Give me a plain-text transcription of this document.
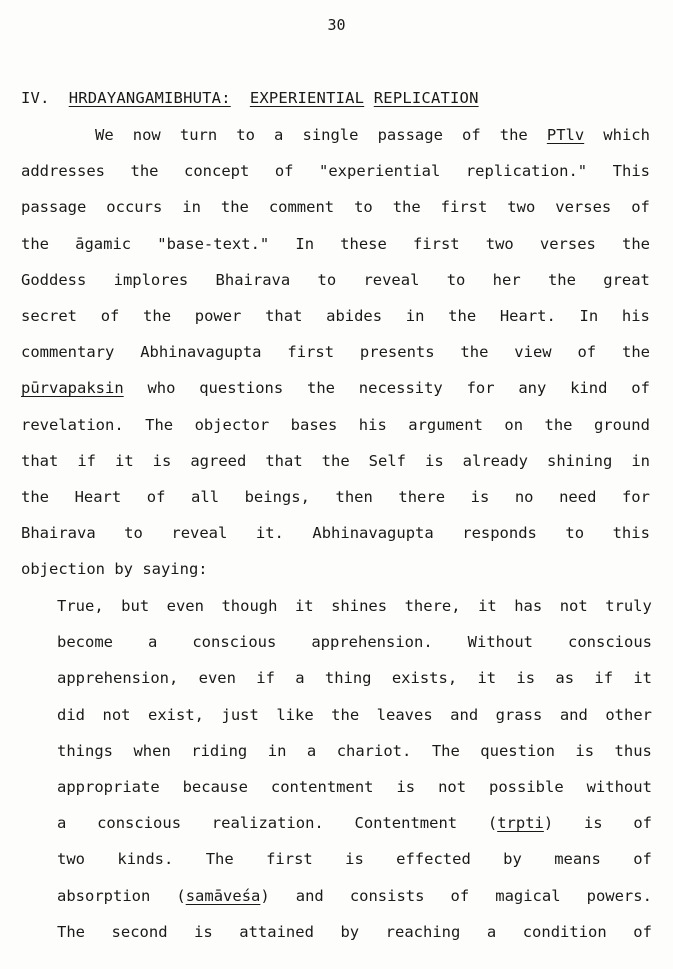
30
IV. HRDAYANGAMIBHUTA: EXPERIENTIAL REPLICATION
We now turn to a single passage of the PTlv which
addresses the concept of "experiential replication." This
passage occurs in the comment to the first two verses of
the āgamic "base-text." In these first two verses the
Goddess implores Bhairava to reveal to her the great
secret of the power that abides in the Heart. In his
commentary Abhinavagupta first presents the view of the
pūrvapaksin who questions the necessity for any kind of
revelation. The objector bases his argument on the ground
that if it is agreed that the Self is already shining in
the Heart of all beings, then there is no need for
Bhairava to reveal it. Abhinavagupta responds to this
objection by saying:
True, but even though it shines there, it has not truly
become a conscious apprehension. Without conscious
apprehension, even if a thing exists, it is as if it
did not exist, just like the leaves and grass and other
things when riding in a chariot. The question is thus
appropriate because contentment is not possible without
a conscious realization. Contentment (trpti) is of
two kinds. The first is effected by means of
absorption (samāveśa) and consists of magical powers.
The second is attained by reaching a condition of
